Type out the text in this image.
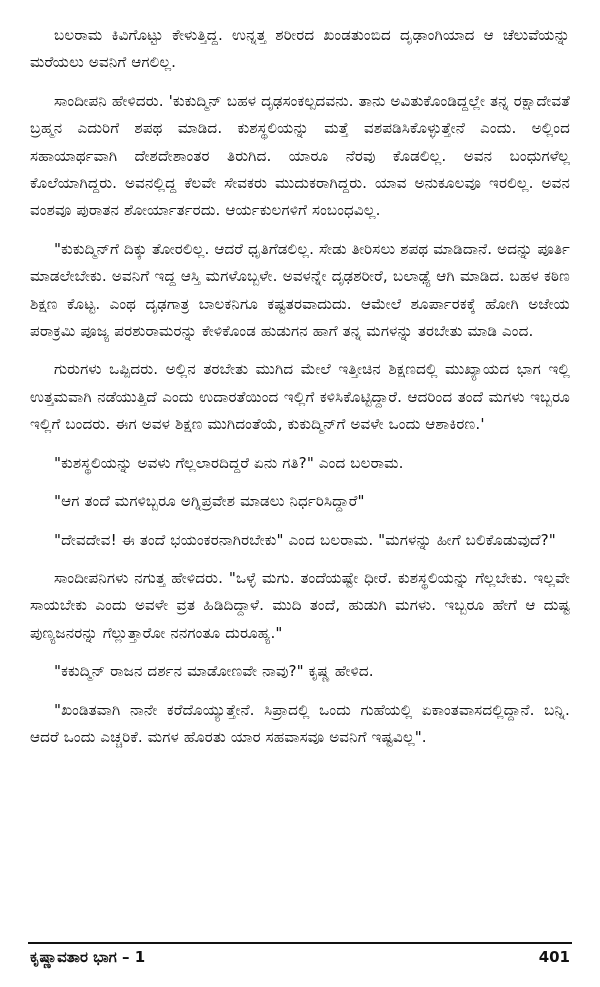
ಬಲರಾಮ ಕಿವಿಗೊಟ್ಟು ಕೇಳುತ್ತಿದ್ದ. ಉನ್ನತ್ತ ಶರೀರದ ಖಂಡತುಂಬಿದ ದೃಢಾಂಗಿಯಾದ ಆ ಚೆಲುವೆಯನ್ನು ಮರೆಯಲು ಅವನಿಗೆ ಆಗಲಿಲ್ಲ.

ಸಾಂದೀಪನಿ ಹೇಳಿದರು. 'ಕುಕುದ್ಮಿನ್ ಬಹಳ ದೃಢಸಂಕಲ್ಪದವನು. ತಾನು ಅವಿತುಕೊಂಡಿದ್ದಲ್ಲೇ ತನ್ನ ರಕ್ಷಾದೇವತೆ ಬ್ರಹ್ಮನ ಎದುರಿಗೆ ಶಪಥ ಮಾಡಿದ. ಕುಶಸ್ಥಲಿಯನ್ನು ಮತ್ತೆ ವಶಪಡಿಸಿಕೊಳ್ಳುತ್ತೇನೆ ಎಂದು. ಅಲ್ಲಿಂದ ಸಹಾಯಾರ್ಥವಾಗಿ ದೇಶದೇಶಾಂತರ ತಿರುಗಿದ. ಯಾರೂ ನೆರವು ಕೊಡಲಿಲ್ಲ. ಅವನ ಬಂಧುಗಳೆಲ್ಲ ಕೊಲೆಯಾಗಿದ್ದರು. ಅವನಲ್ಲಿದ್ದ ಕೆಲವೇ ಸೇವಕರು ಮುದುಕರಾಗಿದ್ದರು. ಯಾವ ಅನುಕೂಲವೂ ಇರಲಿಲ್ಲ. ಅವನ ವಂಶವೂ ಪುರಾತನ ಶೋರ್ಯಾರ್ತರದು. ಆರ್ಯಕುಲಗಳಿಗೆ ಸಂಬಂಧವಿಲ್ಲ.

"ಕುಕುದ್ಮಿನ್‌ಗೆ ದಿಕ್ಕು ತೋರಲಿಲ್ಲ. ಆದರೆ ಧೃತಿಗೆಡಲಿಲ್ಲ. ಸೇಡು ತೀರಿಸಲು ಶಪಥ ಮಾಡಿದಾನೆ. ಅದನ್ನು ಪೂರ್ತಿ ಮಾಡಲೇಬೇಕು. ಅವನಿಗೆ ಇದ್ದ ಆಸ್ತಿ ಮಗಳೊಬ್ಬಳೇ. ಅವಳನ್ನೇ ದೃಢಶರೀರೆ, ಬಲಾಢ್ಯೆ ಆಗಿ ಮಾಡಿದ. ಬಹಳ ಕಠಿಣ ಶಿಕ್ಷಣ ಕೊಟ್ಟ. ಎಂಥ ದೃಢಗಾತ್ರ ಬಾಲಕನಿಗೂ ಕಷ್ಟತರವಾದುದು. ಆಮೇಲೆ ಶೂರ್ಪಾರಕಕ್ಕೆ ಹೋಗಿ ಅಜೇಯ ಪರಾಕ್ರಮಿ ಪೂಜ್ಯ ಪರಶುರಾಮರನ್ನು ಕೇಳಿಕೊಂಡ ಹುಡುಗನ ಹಾಗೆ ತನ್ನ ಮಗಳನ್ನು ತರಬೇತು ಮಾಡಿ ಎಂದ.

ಗುರುಗಳು ಒಪ್ಪಿದರು. ಅಲ್ಲಿನ ತರಬೇತು ಮುಗಿದ ಮೇಲೆ ಇತ್ತೀಚಿನ ಶಿಕ್ಷಣದಲ್ಲಿ ಮುಖ್ಯಾಯದ ಭಾಗ ಇಲ್ಲಿ ಉತ್ತಮವಾಗಿ ನಡೆಯುತ್ತಿದೆ ಎಂದು ಉದಾರತೆಯಿಂದ ಇಲ್ಲಿಗೆ ಕಳಿಸಿಕೊಟ್ಟಿದ್ದಾರೆ. ಆದರಿಂದ ತಂದೆ ಮಗಳು ಇಬ್ಬರೂ ಇಲ್ಲಿಗೆ ಬಂದರು. ಈಗ ಅವಳ ಶಿಕ್ಷಣ ಮುಗಿದಂತೆಯೆ, ಕುಕುದ್ಮಿನ್‌ಗೆ ಅವಳೇ ಒಂದು ಆಶಾಕಿರಣ.'

"ಕುಶಸ್ಥಲಿಯನ್ನು ಅವಳು ಗೆಲ್ಲಲಾರದಿದ್ದರೆ ಏನು ಗತಿ?" ಎಂದ ಬಲರಾಮ.

"ಆಗ ತಂದೆ ಮಗಳಿಬ್ಬರೂ ಅಗ್ನಿಪ್ರವೇಶ ಮಾಡಲು ನಿರ್ಧರಿಸಿದ್ದಾರೆ"

"ದೇವದೇವ! ಈ ತಂದೆ ಭಯಂಕರನಾಗಿರಬೇಕು" ಎಂದ ಬಲರಾಮ. "ಮಗಳನ್ನು ಹೀಗೆ ಬಲಿಕೊಡುವುದೆ?"

ಸಾಂದೀಪನಿಗಳು ನಗುತ್ತ ಹೇಳಿದರು. "ಒಳ್ಳೆ ಮಗು. ತಂದೆಯಷ್ಟೇ ಧೀರೆ. ಕುಶಸ್ಥಲಿಯನ್ನು ಗೆಲ್ಲಬೇಕು. ಇಲ್ಲವೇ ಸಾಯಬೇಕು ಎಂದು ಅವಳೇ ವ್ರತ ಹಿಡಿದಿದ್ದಾಳೆ. ಮುದಿ ತಂದೆ, ಹುಡುಗಿ ಮಗಳು. ಇಬ್ಬರೂ ಹೇಗೆ ಆ ದುಷ್ಟ ಪುಣ್ಯಜನರನ್ನು ಗೆಲ್ಲುತ್ತಾರೋ ನನಗಂತೂ ದುರೂಹ್ಯ."

"ಕಕುದ್ಮಿನ್ ರಾಜನ ದರ್ಶನ ಮಾಡೋಣವೇ ನಾವು?" ಕೃಷ್ಣ ಹೇಳಿದ.

"ಖಂಡಿತವಾಗಿ ನಾನೇ ಕರೆದೊಯ್ಯುತ್ತೇನೆ. ಸಿಪ್ರಾದಲ್ಲಿ ಒಂದು ಗುಹೆಯಲ್ಲಿ ಏಕಾಂತವಾಸದಲ್ಲಿದ್ದಾನೆ. ಬನ್ನಿ. ಆದರೆ ಒಂದು ಎಚ್ಚರಿಕೆ. ಮಗಳ ಹೊರತು ಯಾರ ಸಹವಾಸವೂ ಅವನಿಗೆ ಇಷ್ಟವಿಲ್ಲ".

ಕೃಷ್ಣಾವತಾರ ಭಾಗ – 1	401
